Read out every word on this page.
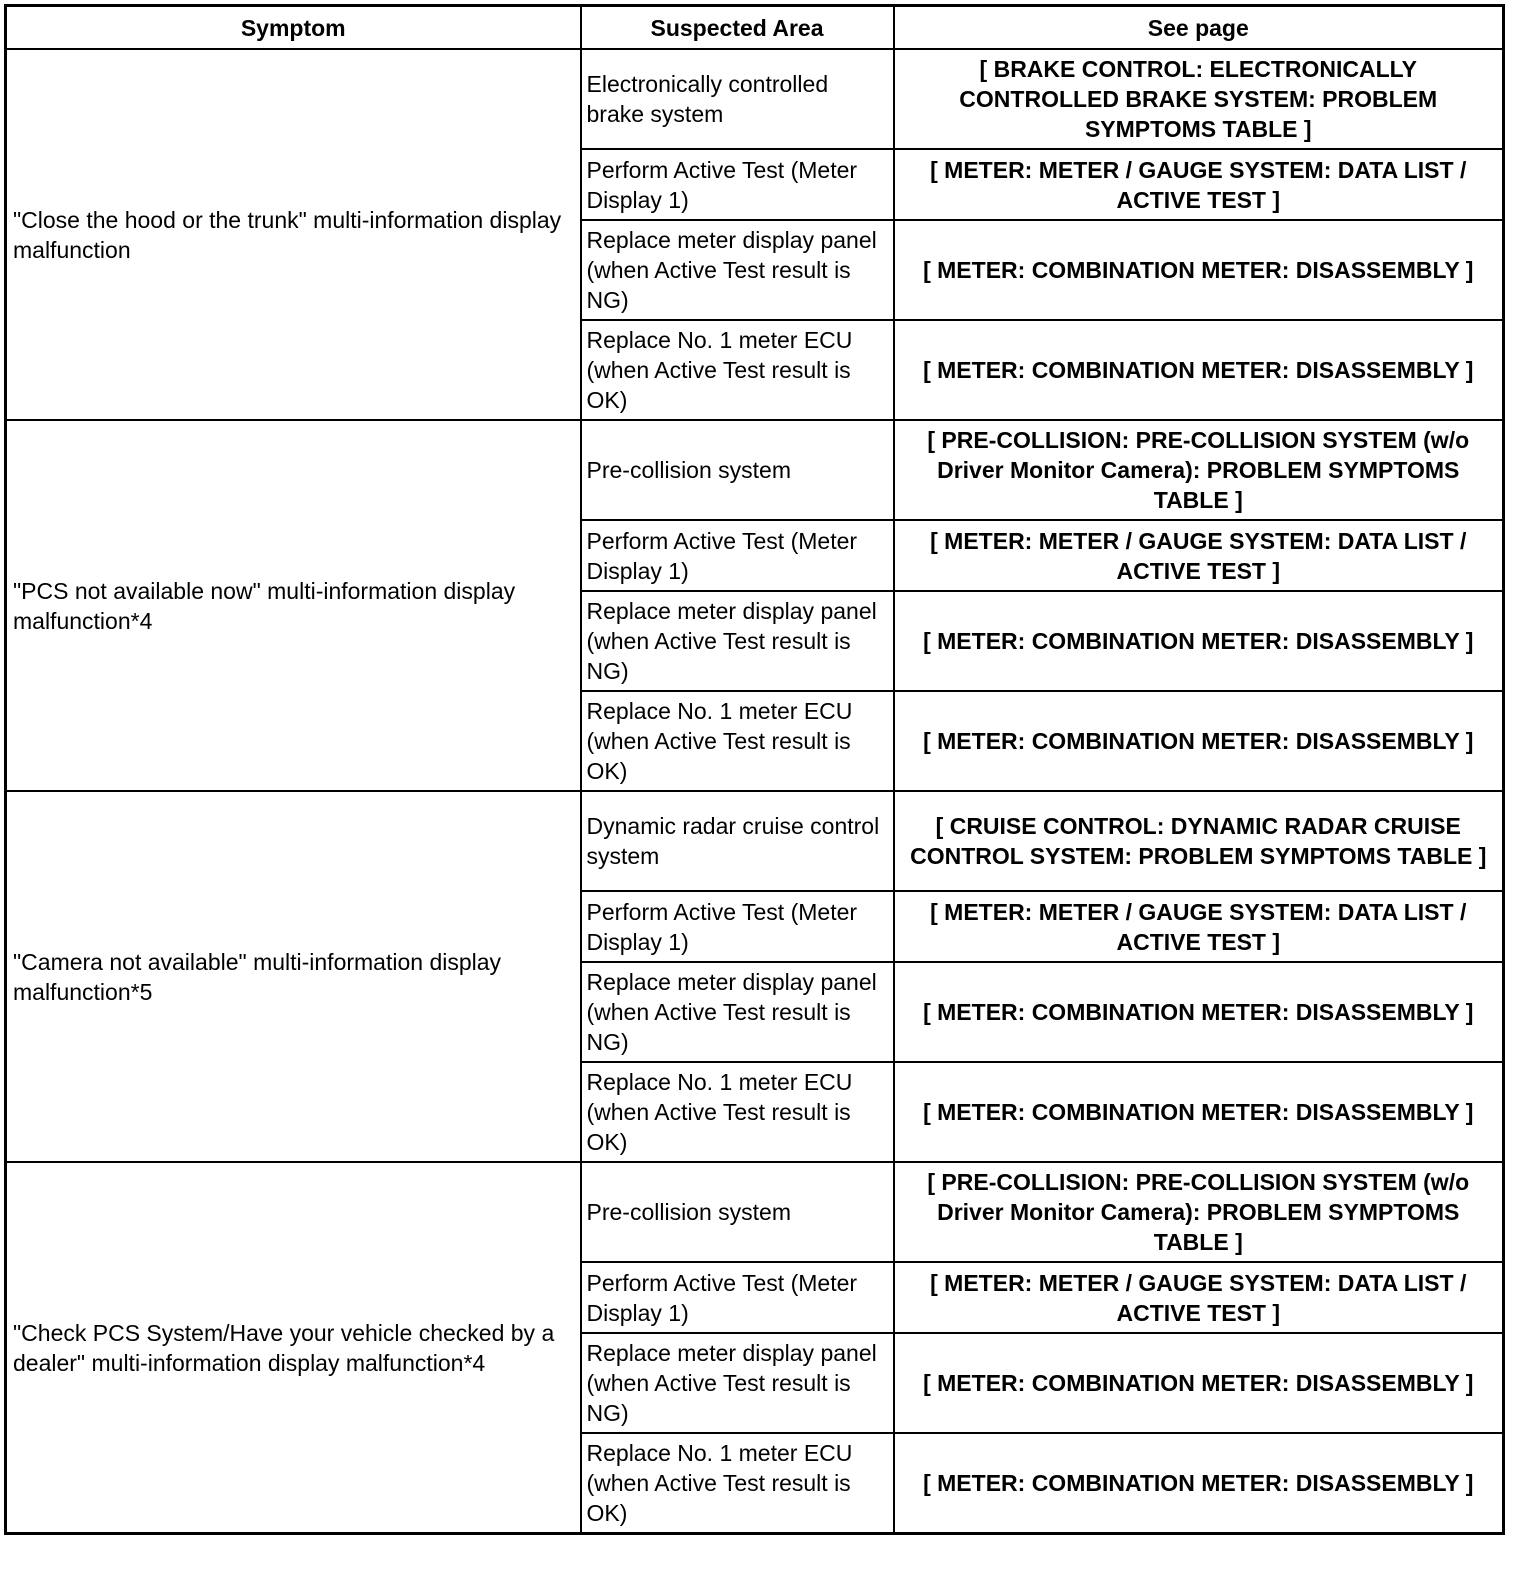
Symptom	Suspected Area	See page
"Close the hood or the trunk" multi-information display malfunction	Electronically controlled brake system	[ BRAKE CONTROL: ELECTRONICALLY CONTROLLED BRAKE SYSTEM: PROBLEM SYMPTOMS TABLE ]
	Perform Active Test (Meter Display 1)	[ METER: METER / GAUGE SYSTEM: DATA LIST / ACTIVE TEST ]
	Replace meter display panel (when Active Test result is NG)	[ METER: COMBINATION METER: DISASSEMBLY ]
	Replace No. 1 meter ECU (when Active Test result is OK)	[ METER: COMBINATION METER: DISASSEMBLY ]
"PCS not available now" multi-information display malfunction*4	Pre-collision system	[ PRE-COLLISION: PRE-COLLISION SYSTEM (w/o Driver Monitor Camera): PROBLEM SYMPTOMS TABLE ]
	Perform Active Test (Meter Display 1)	[ METER: METER / GAUGE SYSTEM: DATA LIST / ACTIVE TEST ]
	Replace meter display panel (when Active Test result is NG)	[ METER: COMBINATION METER: DISASSEMBLY ]
	Replace No. 1 meter ECU (when Active Test result is OK)	[ METER: COMBINATION METER: DISASSEMBLY ]
"Camera not available" multi-information display malfunction*5	Dynamic radar cruise control system	[ CRUISE CONTROL: DYNAMIC RADAR CRUISE CONTROL SYSTEM: PROBLEM SYMPTOMS TABLE ]
	Perform Active Test (Meter Display 1)	[ METER: METER / GAUGE SYSTEM: DATA LIST / ACTIVE TEST ]
	Replace meter display panel (when Active Test result is NG)	[ METER: COMBINATION METER: DISASSEMBLY ]
	Replace No. 1 meter ECU (when Active Test result is OK)	[ METER: COMBINATION METER: DISASSEMBLY ]
"Check PCS System/Have your vehicle checked by a dealer" multi-information display malfunction*4	Pre-collision system	[ PRE-COLLISION: PRE-COLLISION SYSTEM (w/o Driver Monitor Camera): PROBLEM SYMPTOMS TABLE ]
	Perform Active Test (Meter Display 1)	[ METER: METER / GAUGE SYSTEM: DATA LIST / ACTIVE TEST ]
	Replace meter display panel (when Active Test result is NG)	[ METER: COMBINATION METER: DISASSEMBLY ]
	Replace No. 1 meter ECU (when Active Test result is OK)	[ METER: COMBINATION METER: DISASSEMBLY ]
